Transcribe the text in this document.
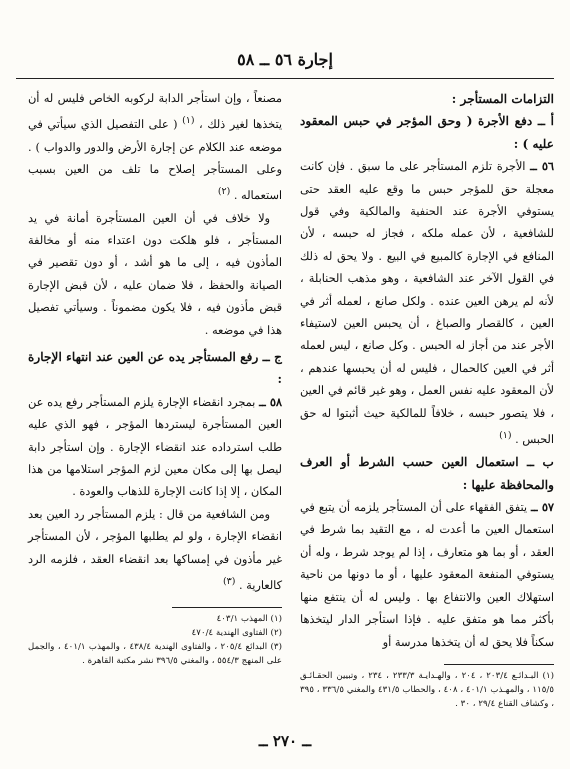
إجارة ٥٦ ــ ٥٨

التزامات المستأجر :

أ ــ دفع الأجرة ( وحق المؤجر في حبس المعقود عليه ) :

٥٦ ــ الأجرة تلزم المستأجر على ما سبق . فإن كانت معجلة حق للمؤجر حبس ما وقع عليه العقد حتى يستوفي الأجرة عند الحنفية والمالكية وفي قول للشافعية ، لأن عمله ملكه ، فجاز له حبسه ، لأن المنافع في الإجارة كالمبيع في البيع . ولا يحق له ذلك في القول الآخر عند الشافعية ، وهو مذهب الحنابلة ، لأنه لم يرهن العين عنده . ولكل صانع ، لعمله أثر في العين ، كالقصار والصباغ ، أن يحبس العين لاستيفاء الأجر عند من أجاز له الحبس . وكل صانع ، ليس لعمله أثر في العين كالحمال ، فليس له أن يحبسها عندهم ، لأن المعقود عليه نفس العمل ، وهو غير قائم في العين ، فلا يتصور حبسه ، خلافاً للمالكية حيث أثبتوا له حق الحبس . $^{(١)}$

ب ــ استعمال العين حسب الشرط أو العرف والمحافظة عليها :

٥٧ ــ يتفق الفقهاء على أن المستأجر يلزمه أن يتبع في استعمال العين ما أعدت له ، مع التقيد بما شرط في العقد ، أو بما هو متعارف ، إذا لم يوجد شرط ، وله أن يستوفي المنفعة المعقود عليها ، أو ما دونها من ناحية استهلاك العين والانتفاع بها . وليس له أن ينتفع منها بأكثر مما هو متفق عليه . فإذا استأجر الدار ليتخذها سكناً فلا يحق له أن يتخذها مدرسة أو

(١) البـدائـع ٢٠٣/٤ ، ٢٠٤ ، والهـدايـة ٢٣٣/٣ ، ٢٣٤ ، وتبيين الحقـائـق ١١٥/٥ ، والمهـذب ٤٠١/١ ، ٤٠٨ ، والحطاب ٤٣١/٥ والمغني ٣٣٦/٥ ، ٣٩٥ ، وكشاف القناع ٢٩/٤ ، ٣٠ .

مصنعاً ، وإن استأجر الدابة لركوبه الخاص فليس له أن يتخذها لغير ذلك ، $^{(١)}$ ( على التفصيل الذي سيأتي في موضعه عند الكلام عن إجارة الأرض والدور والدواب ) . وعلى المستأجر إصلاح ما تلف من العين بسبب استعماله . $^{(٢)}$

ولا خلاف في أن العين المستأجرة أمانة في يد المستأجر ، فلو هلكت دون اعتداء منه أو مخالفة المأذون فيه ، إلى ما هو أشد ، أو دون تقصير في الصيانة والحفظ ، فلا ضمان عليه ، لأن قبض الإجارة قبض مأذون فيه ، فلا يكون مضموناً . وسيأتي تفصيل هذا في موضعه .

ج ــ رفع المستأجر يده عن العين عند انتهاء الإجارة :

٥٨ ــ بمجرد انقضاء الإجارة يلزم المستأجر رفع يده عن العين المستأجرة ليستردها المؤجر ، فهو الذي عليه طلب استرداده عند انقضاء الإجارة . وإن استأجر دابة ليصل بها إلى مكان معين لزم المؤجر استلامها من هذا المكان ، إلا إذا كانت الإجارة للذهاب والعودة .

ومن الشافعية من قال : يلزم المستأجر رد العين بعد انقضاء الإجارة ، ولو لم يطلبها المؤجر ، لأن المستأجر غير مأذون في إمساكها بعد انقضاء العقد ، فلزمه الرد كالعارية . $^{(٣)}$

(١) المهذب ٤٠٣/١

(٢) الفتاوى الهندية ٤٧٠/٤

(٣) البدائع ٢٠٥/٤ ، والفتاوى الهندية ٤٣٨/٤ ، والمهذب ٤٠١/١ ، والجمل على المنهج ٥٥٤/٣ ، والمغني ٣٩٦/٥ نشر مكتبة القاهرة .

ــ ٢٧٠ ــ
